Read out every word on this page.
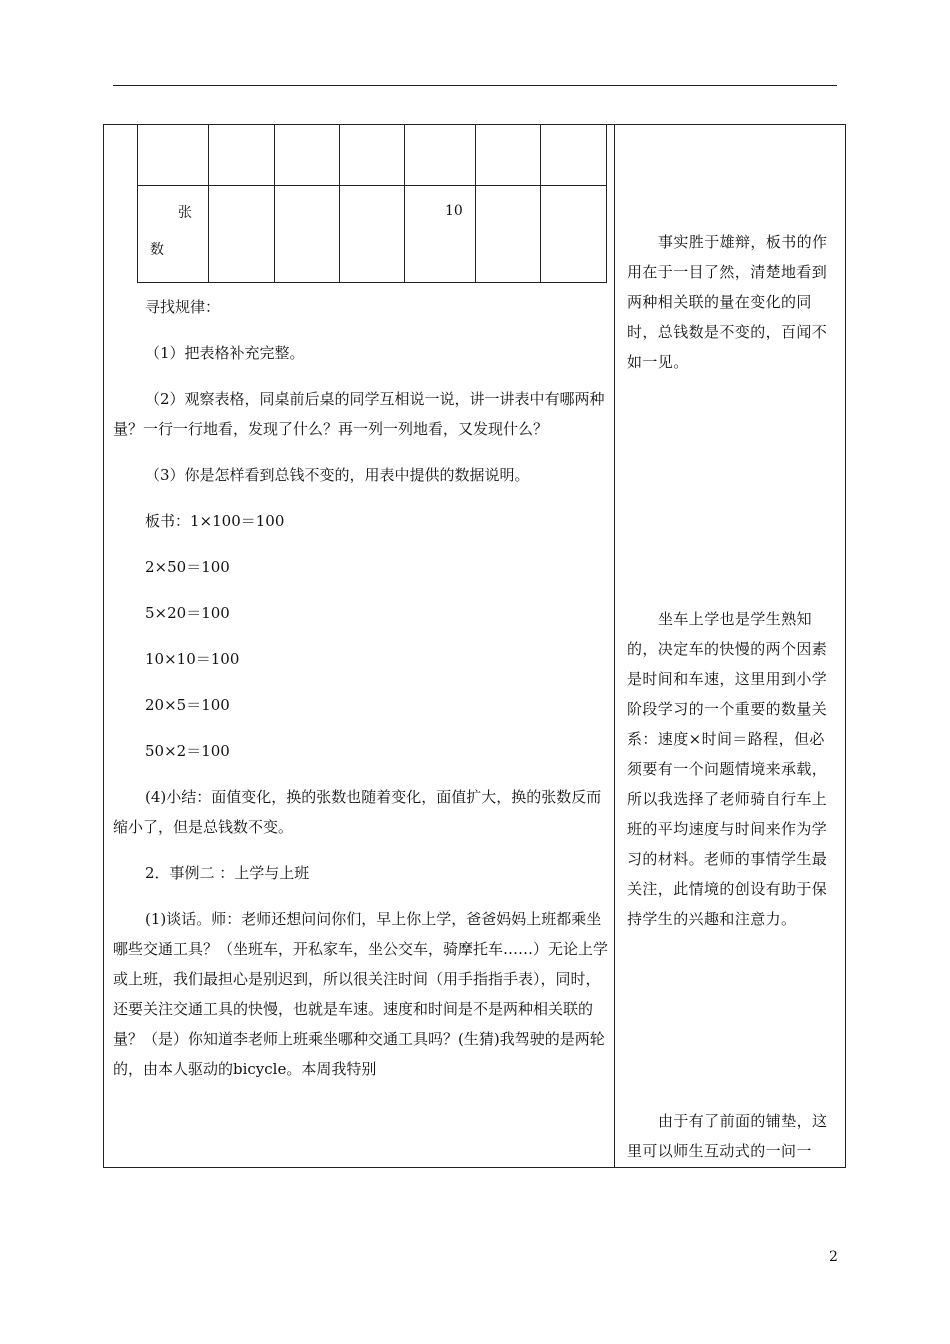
张
数				10		

寻找规律：

（1）把表格补充完整。

（2）观察表格，同桌前后桌的同学互相说一说，讲一讲表中有哪两种量？一行一行地看，发现了什么？再一列一列地看，又发现什么？

（3）你是怎样看到总钱不变的，用表中提供的数据说明。

板书：1×100＝100

2×50＝100

5×20＝100

10×10＝100

20×5＝100

50×2＝100

(4)小结：面值变化，换的张数也随着变化，面值扩大，换的张数反而缩小了，但是总钱数不变。

2．事例二 ：上学与上班

(1)谈话。师：老师还想问问你们，早上你上学，爸爸妈妈上班都乘坐哪些交通工具？（坐班车，开私家车，坐公交车，骑摩托车……）无论上学或上班，我们最担心是别迟到，所以很关注时间（用手指指手表），同时，还要关注交通工具的快慢，也就是车速。速度和时间是不是两种相关联的量？（是）你知道李老师上班乘坐哪种交通工具吗？(生猜)我驾驶的是两轮的，由本人驱动的bicycle。本周我特别

事实胜于雄辩，板书的作用在于一目了然，清楚地看到两种相关联的量在变化的同时，总钱数是不变的，百闻不如一见。

坐车上学也是学生熟知的，决定车的快慢的两个因素是时间和车速，这里用到小学阶段学习的一个重要的数量关系：速度×时间＝路程，但必须要有一个问题情境来承载，所以我选择了老师骑自行车上班的平均速度与时间来作为学习的材料。老师的事情学生最关注，此情境的创设有助于保持学生的兴趣和注意力。

由于有了前面的铺垫，这里可以师生互动式的一问一

2
